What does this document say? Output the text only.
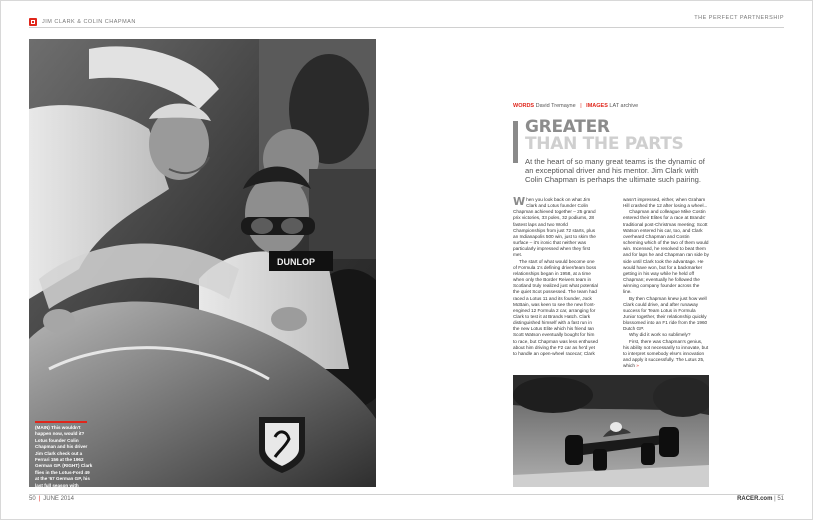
JIM CLARK & COLIN CHAPMAN
THE PERFECT PARTNERSHIP
DUNLOP
(MAIN) This wouldn't happen now, would it? Lotus founder Colin Chapman and his driver Jim Clark check out a Ferrari 156 at the 1962 German GP. (RIGHT) Clark flies in the Lotus-Ford 49 at the '67 German GP, his last full season with Chapman and Lotus.
WORDS David Tremayne | IMAGES LAT archive
GREATER
THAN THE PARTS
At the heart of so many great teams is the dynamic of an exceptional driver and his mentor. Jim Clark with Colin Chapman is perhaps the ultimate such pairing.

When you look back on what Jim Clark and Lotus founder Colin Chapman achieved together – 25 grand prix victories, 33 poles, 32 podiums, 28 fastest laps and two World Championships from just 72 starts, plus an Indianapolis 500 win, just to skim the surface – it's ironic that neither was particularly impressed when they first met.

The start of what would become one of Formula 1's defining driver/team boss relationships began in 1958, at a time when only the Border Reivers team in Scotland truly realized just what potential the quiet Scot possessed. The team had raced a Lotus 11 and its founder, Jock McBain, was keen to see the new front-engined 12 Formula 2 car, arranging for Clark to test it at Brands Hatch. Clark distinguished himself with a fast run in the new Lotus Elite which his friend Ian Scott Watson eventually bought for him to race, but Chapman was less enthused about him driving the F2 car as he'd yet to handle an open-wheel racecar; Clark

wasn't impressed, either, when Graham Hill crashed the 12 after losing a wheel...

Chapman and colleague Mike Costin entered their Elites for a race at Brands' traditional post-Christmas meeting; Scott Watson entered his car, too, and Clark overheard Chapman and Costin scheming which of the two of them would win. Incensed, he resolved to beat them and for laps he and Chapman ran side by side until Clark took the advantage. He would have won, but for a backmarker getting in his way while he held off Chapman; eventually he followed the winning company founder across the line.

By then Chapman knew just how well Clark could drive, and after runaway success for Team Lotus in Formula Junior together, their relationship quickly blossomed into an F1 ride from the 1960 Dutch GP.

Why did it work so sublimely?

First, there was Chapman's genius, his ability not necessarily to innovate, but to interpret somebody else's innovation and apply it successfully. The Lotus 25, which »

50 | JUNE 2014	RACER.com | 51
